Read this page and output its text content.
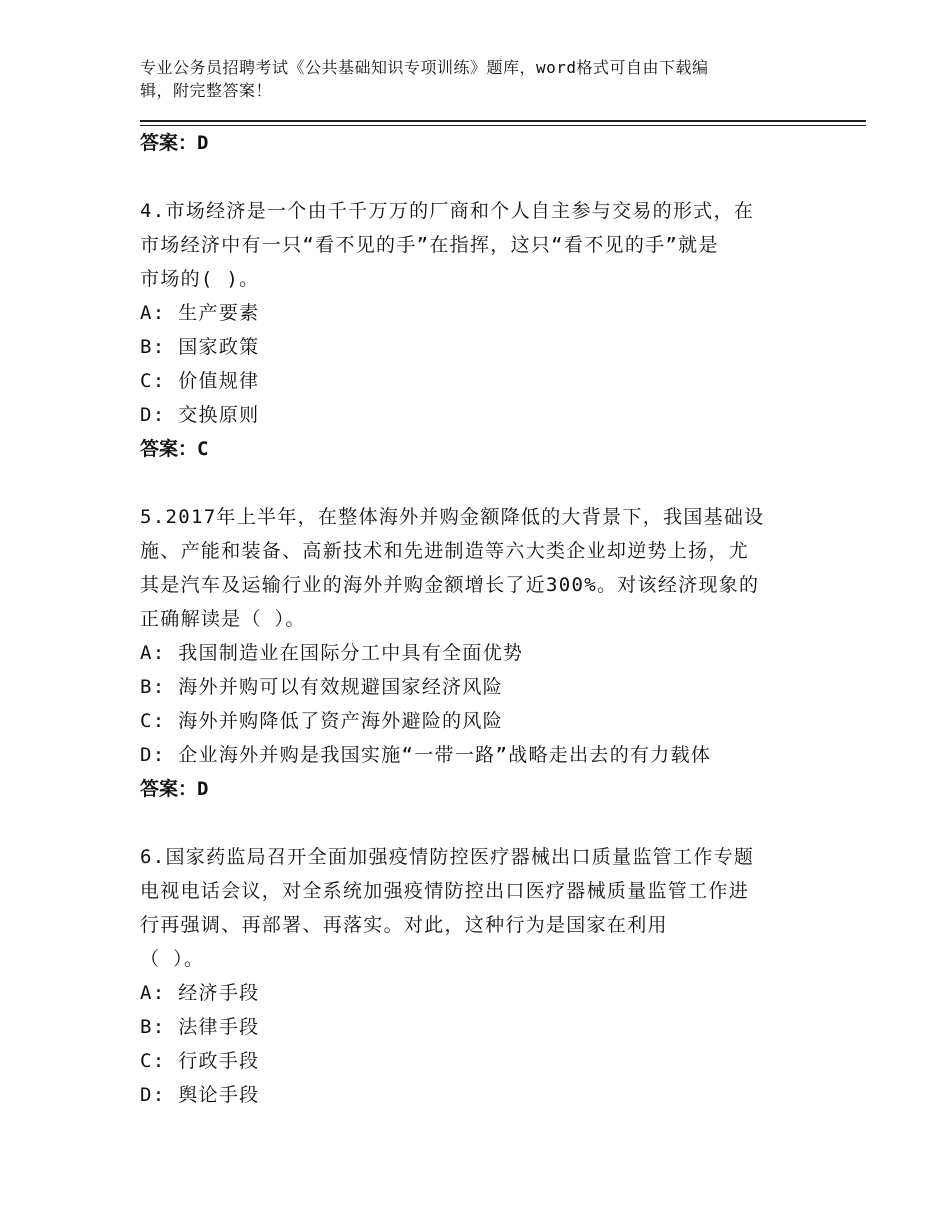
专业公务员招聘考试《公共基础知识专项训练》题库，word格式可自由下载编
辑，附完整答案！
答案：D
4.市场经济是一个由千千万万的厂商和个人自主参与交易的形式，在
市场经济中有一只“看不见的手”在指挥，这只“看不见的手”就是
市场的( )。
A: 生产要素
B: 国家政策
C: 价值规律
D: 交换原则
答案：C
5.2017年上半年，在整体海外并购金额降低的大背景下，我国基础设
施、产能和装备、高新技术和先进制造等六大类企业却逆势上扬，尤
其是汽车及运输行业的海外并购金额增长了近300%。对该经济现象的
正确解读是（ ）。
A: 我国制造业在国际分工中具有全面优势
B: 海外并购可以有效规避国家经济风险
C: 海外并购降低了资产海外避险的风险
D: 企业海外并购是我国实施“一带一路”战略走出去的有力载体
答案：D
6.国家药监局召开全面加强疫情防控医疗器械出口质量监管工作专题
电视电话会议，对全系统加强疫情防控出口医疗器械质量监管工作进
行再强调、再部署、再落实。对此，这种行为是国家在利用
（ ）。
A: 经济手段
B: 法律手段
C: 行政手段
D: 舆论手段
